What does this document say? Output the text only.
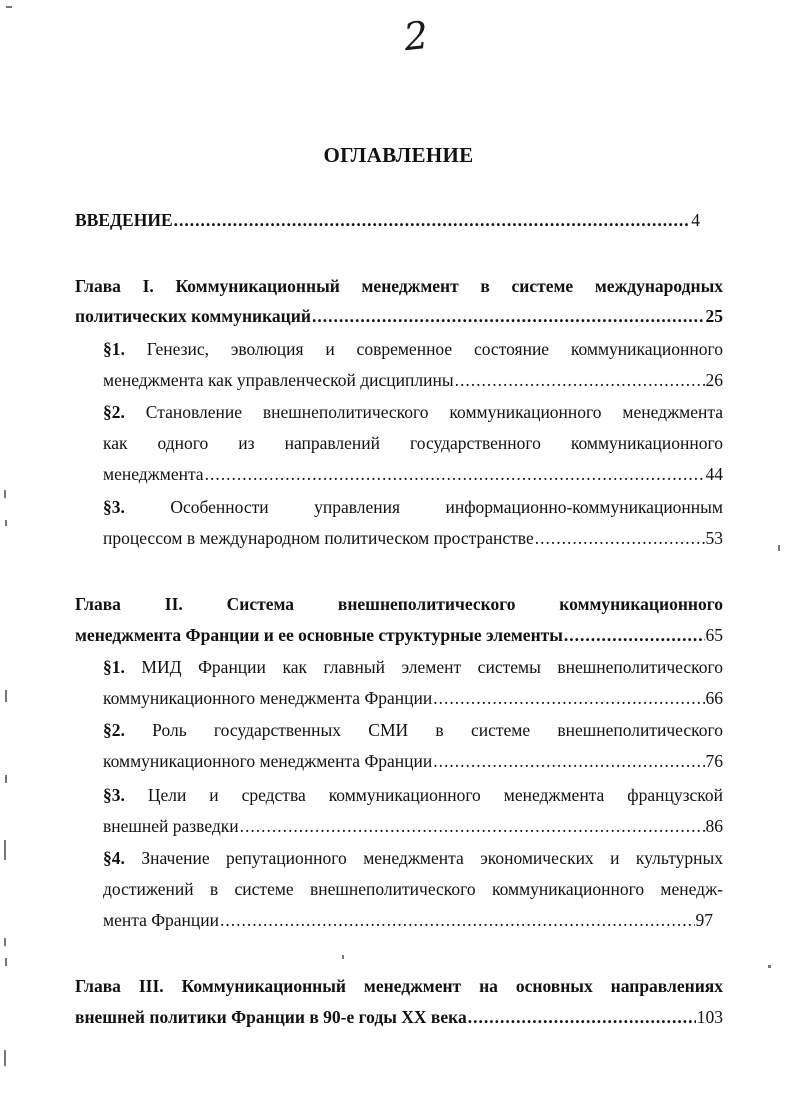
2
ОГЛАВЛЕНИЕ
ВВЕДЕНИЕ .....	4
Глава I. Коммуникационный менеджмент в системе международных
политических коммуникаций .....	25
§1. Генезис, эволюция и современное состояние коммуникационного
менеджмента как управленческой дисциплины .....	26
§2. Становление внешнеполитического коммуникационного менеджмента
как одного из направлений государственного коммуникационного
менеджмента .....	44
§3.	Особенности управления информационно-коммуникационным
процессом в международном политическом пространстве .....	53
Глава II. Система внешнеполитического коммуникационного
менеджмента Франции и ее основные структурные элементы .....	65
§1. МИД Франции как главный элемент системы внешнеполитического
коммуникационного менеджмента Франции .....	66
§2. Роль государственных СМИ в системе внешнеполитического
коммуникационного менеджмента Франции .....	76
§3. Цели и средства коммуникационного менеджмента французской
внешней разведки .....	86
§4. Значение репутационного менеджмента экономических и культурных
достижений в системе внешнеполитического коммуникационного менедж-
мента Франции .....	97
Глава III. Коммуникационный менеджмент на основных направлениях
внешней политики Франции в 90-е годы XX века .....	103
